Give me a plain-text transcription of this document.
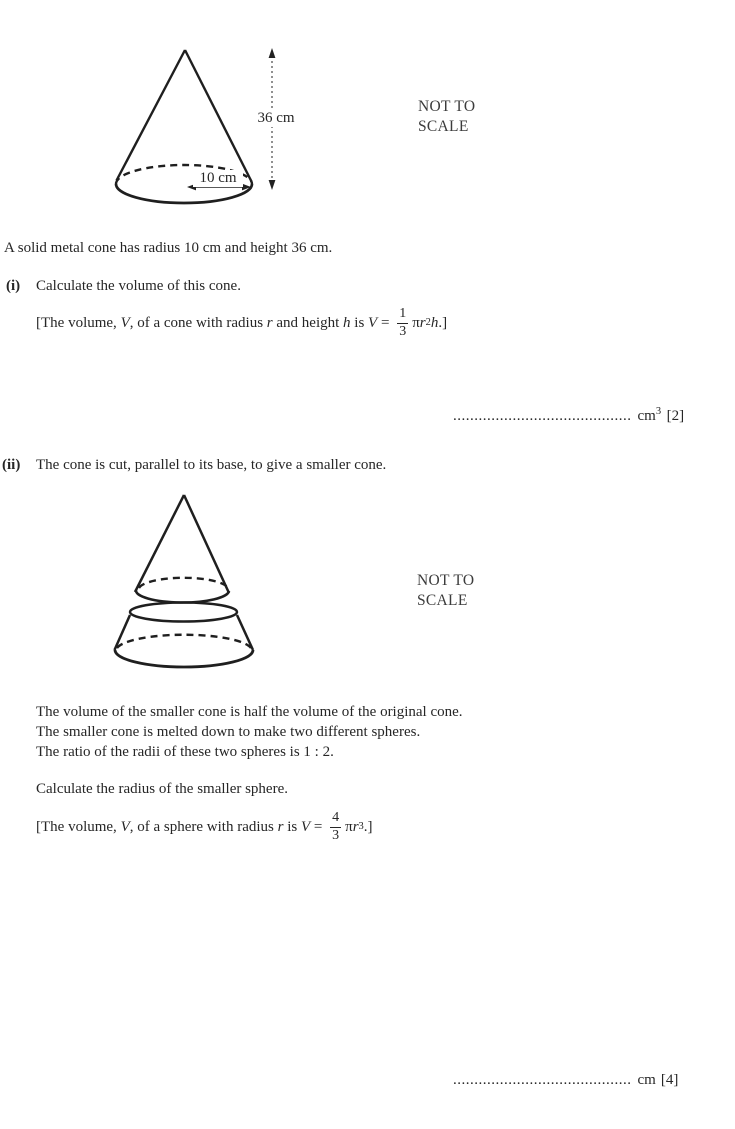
36 cm
10 cm
NOT TO
SCALE
A solid metal cone has radius 10 cm and height 36 cm.
(i) Calculate the volume of this cone.
[The volume, V , of a cone with radius r and height h is $V = \frac{1}{3}$ π r 2 h .]
.......................................... $cm^3$ [2]
(ii) The cone is cut, parallel to its base, to give a smaller cone.
NOT TO
SCALE
The volume of the smaller cone is half the volume of the original cone.
The smaller cone is melted down to make two different spheres.
The ratio of the radii of these two spheres is 1 : 2.
Calculate the radius of the smaller sphere.
[The volume, V , of a sphere with radius r is $V = \frac{4}{3}$ π r 3 .]
.......................................... cm [4]
